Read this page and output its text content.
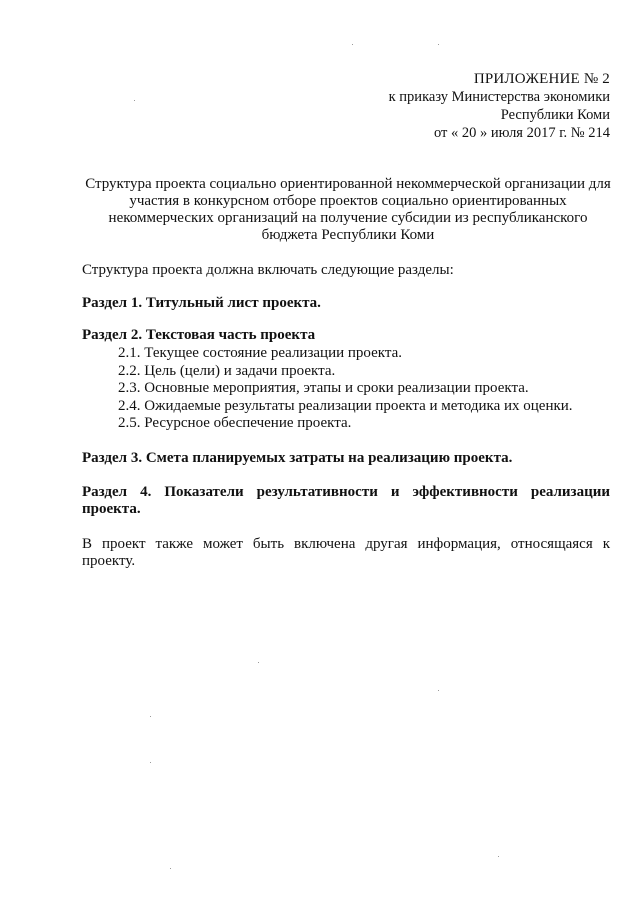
ПРИЛОЖЕНИЕ № 2
к приказу Министерства экономики
Республики Коми
от « 20 » июля 2017 г. № 214
Структура проекта социально ориентированной некоммерческой организации для участия в конкурсном отборе проектов социально ориентированных некоммерческих организаций на получение субсидии из республиканского бюджета Республики Коми

Структура проекта должна включать следующие разделы:

Раздел 1. Титульный лист проекта.

Раздел 2. Текстовая часть проекта

2.1. Текущее состояние реализации проекта.
2.2. Цель (цели) и задачи проекта.
2.3. Основные мероприятия, этапы и сроки реализации проекта.
2.4. Ожидаемые результаты реализации проекта и методика их оценки.
2.5. Ресурсное обеспечение проекта.

Раздел 3. Смета планируемых затраты на реализацию проекта.

Раздел 4. Показатели результативности и эффективности реализации проекта.

В проект также может быть включена другая информация, относящаяся к проекту.
